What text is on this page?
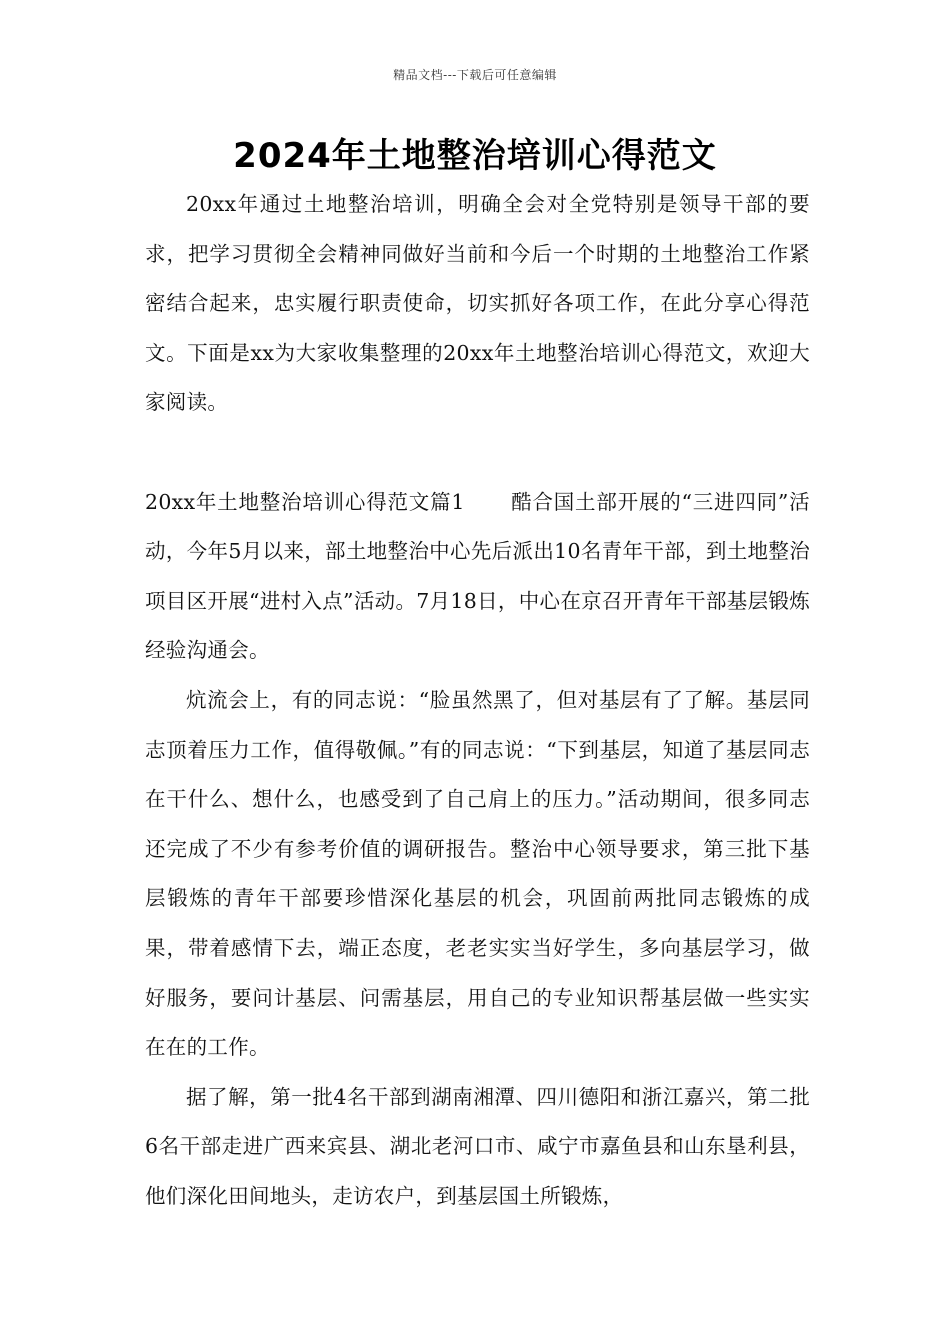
精品文档---下载后可任意编辑
2024年土地整治培训心得范文

20xx年通过土地整治培训，明确全会对全党特别是领导干部的要求，把学习贯彻全会精神同做好当前和今后一个时期的土地整治工作紧密结合起来，忠实履行职责使命，切实抓好各项工作，在此分享心得范文。下面是xx为大家收集整理的20xx年土地整治培训心得范文，欢迎大家阅读。

20xx年土地整治培训心得范文篇1 酷合国土部开展的“三进四同”活动，今年5月以来，部土地整治中心先后派出10名青年干部，到土地整治项目区开展“进村入点”活动。7月18日，中心在京召开青年干部基层锻炼经验沟通会。

炕流会上，有的同志说：“脸虽然黑了，但对基层有了了解。基层同志顶着压力工作，值得敬佩。”有的同志说：“下到基层，知道了基层同志在干什么、想什么，也感受到了自己肩上的压力。”活动期间，很多同志还完成了不少有参考价值的调研报告。整治中心领导要求，第三批下基层锻炼的青年干部要珍惜深化基层的机会，巩固前两批同志锻炼的成果，带着感情下去，端正态度，老老实实当好学生，多向基层学习，做好服务，要问计基层、问需基层，用自己的专业知识帮基层做一些实实在在的工作。

据了解，第一批4名干部到湖南湘潭、四川德阳和浙江嘉兴，第二批6名干部走进广西来宾县、湖北老河口市、咸宁市嘉鱼县和山东垦利县，他们深化田间地头，走访农户，到基层国土所锻炼，
